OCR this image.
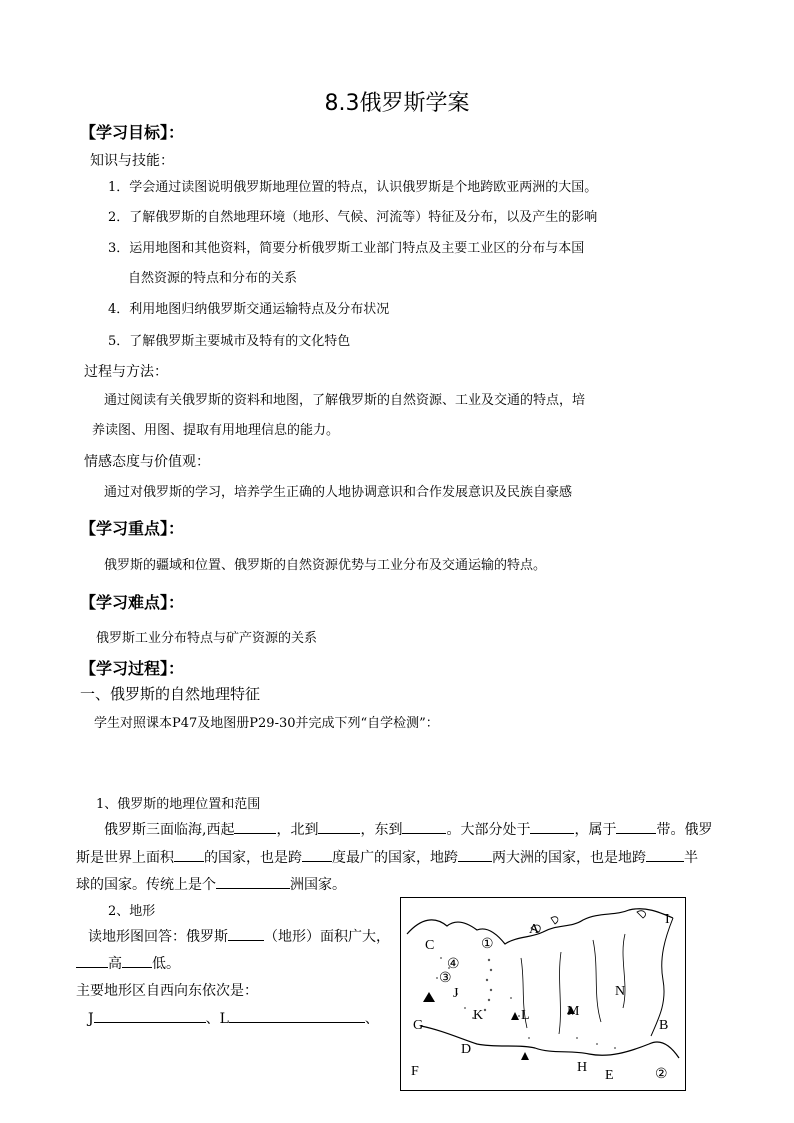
8.3俄罗斯学案
【学习目标】：
知识与技能：
1．学会通过读图说明俄罗斯地理位置的特点，认识俄罗斯是个地跨欧亚两洲的大国。
2．了解俄罗斯的自然地理环境（地形、气候、河流等）特征及分布，以及产生的影响
3．运用地图和其他资料，简要分析俄罗斯工业部门特点及主要工业区的分布与本国
自然资源的特点和分布的关系
4．利用地图归纳俄罗斯交通运输特点及分布状况
5．了解俄罗斯主要城市及特有的文化特色
过程与方法：
通过阅读有关俄罗斯的资料和地图，了解俄罗斯的自然资源、工业及交通的特点，培
养读图、用图、提取有用地理信息的能力。
情感态度与价值观：
通过对俄罗斯的学习，培养学生正确的人地协调意识和合作发展意识及民族自豪感
【学习重点】：
俄罗斯的疆域和位置、俄罗斯的自然资源优势与工业分布及交通运输的特点。
【学习难点】：
俄罗斯工业分布特点与矿产资源的关系
【学习过程】：
一、俄罗斯的自然地理特征
学生对照课本P47及地图册P29-30并完成下列“自学检测”：
1、俄罗斯的地理位置和范围
俄罗斯三面临海,西起	，北到	，东到	。大部分处于	，属于	带。俄罗
斯是世界上面积 的国家，也是跨 度最广的国家，地跨 两大洲的国家，也是地跨	半
球的国家。传统上是个	洲国家。
2、地形
读地形图回答：俄罗斯	（地形）面积广大，
高 低。
主要地形区自西向东依次是：
J	、L	、
I
C	①
④
③
J
K	L	M
N
G	B
D
H
E
F	②
A
